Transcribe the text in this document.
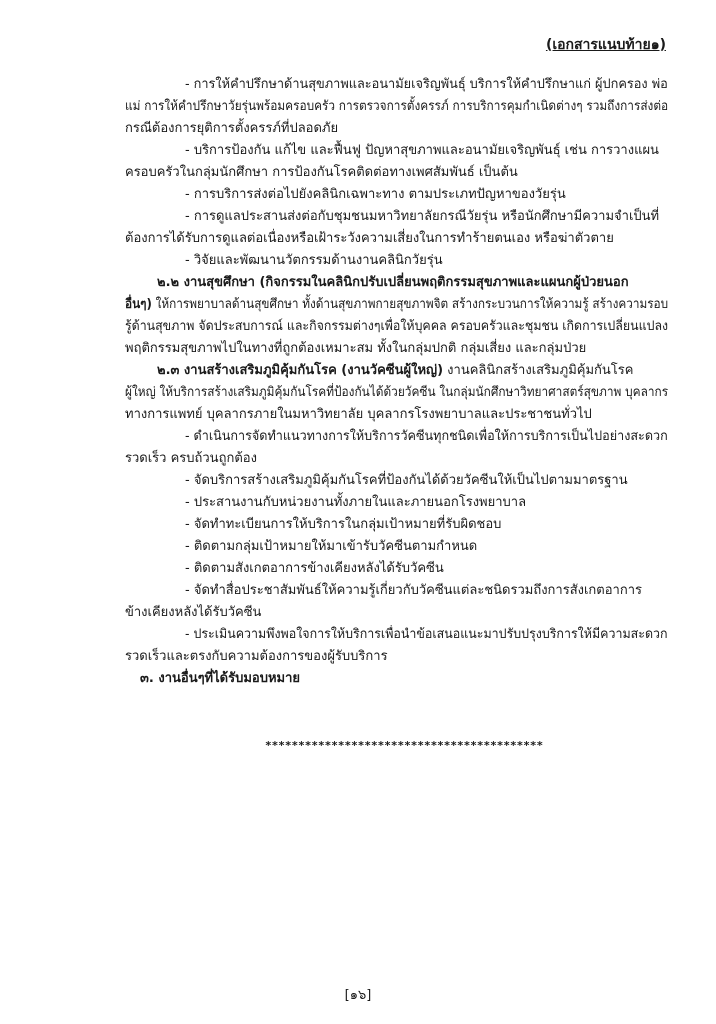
(เอกสารแนบท้าย๑)
- การให้คำปรึกษาด้านสุขภาพและอนามัยเจริญพันธุ์ บริการให้คำปรึกษาแก่ ผู้ปกครอง พ่อ
แม่ การให้คำปรึกษาวัยรุ่นพร้อมครอบครัว การตรวจการตั้งครรภ์ การบริการคุมกำเนิดต่างๆ รวมถึงการส่งต่อ
กรณีต้องการยุติการตั้งครรภ์ที่ปลอดภัย
- บริการป้องกัน แก้ไข และฟื้นฟู ปัญหาสุขภาพและอนามัยเจริญพันธุ์ เช่น การวางแผน
ครอบครัวในกลุ่มนักศึกษา การป้องกันโรคติดต่อทางเพศสัมพันธ์ เป็นต้น
- การบริการส่งต่อไปยังคลินิกเฉพาะทาง ตามประเภทปัญหาของวัยรุ่น
- การดูแลประสานส่งต่อกับชุมชนมหาวิทยาลัยกรณีวัยรุ่น หรือนักศึกษามีความจำเป็นที่
ต้องการได้รับการดูแลต่อเนื่องหรือเฝ้าระวังความเสี่ยงในการทำร้ายตนเอง หรือฆ่าตัวตาย
- วิจัยและพัฒนานวัตกรรมด้านงานคลินิกวัยรุ่น
๒.๒ งานสุขศึกษา (กิจกรรมในคลินิกปรับเปลี่ยนพฤติกรรมสุขภาพและแผนกผู้ป่วยนอก
อื่นๆ) ให้การพยาบาลด้านสุขศึกษา ทั้งด้านสุขภาพกายสุขภาพจิต สร้างกระบวนการให้ความรู้ สร้างความรอบ
รู้ด้านสุขภาพ จัดประสบการณ์ และกิจกรรมต่างๆเพื่อให้บุคคล ครอบครัวและชุมชน เกิดการเปลี่ยนแปลง
พฤติกรรมสุขภาพไปในทางที่ถูกต้องเหมาะสม ทั้งในกลุ่มปกติ กลุ่มเสี่ยง และกลุ่มป่วย
๒.๓ งานสร้างเสริมภูมิคุ้มกันโรค (งานวัคซีนผู้ใหญ่) งานคลินิกสร้างเสริมภูมิคุ้มกันโรค
ผู้ใหญ่ ให้บริการสร้างเสริมภูมิคุ้มกันโรคที่ป้องกันได้ด้วยวัคซีน ในกลุ่มนักศึกษาวิทยาศาสตร์สุขภาพ บุคลากร
ทางการแพทย์ บุคลากรภายในมหาวิทยาลัย บุคลากรโรงพยาบาลและประชาชนทั่วไป
- ดำเนินการจัดทำแนวทางการให้บริการวัคซีนทุกชนิดเพื่อให้การบริการเป็นไปอย่างสะดวก
รวดเร็ว ครบถ้วนถูกต้อง
- จัดบริการสร้างเสริมภูมิคุ้มกันโรคที่ป้องกันได้ด้วยวัคซีนให้เป็นไปตามมาตรฐาน
- ประสานงานกับหน่วยงานทั้งภายในและภายนอกโรงพยาบาล
- จัดทำทะเบียนการให้บริการในกลุ่มเป้าหมายที่รับผิดชอบ
- ติดตามกลุ่มเป้าหมายให้มาเข้ารับวัคซีนตามกำหนด
- ติดตามสังเกตอาการข้างเคียงหลังได้รับวัคซีน
- จัดทำสื่อประชาสัมพันธ์ให้ความรู้เกี่ยวกับวัคซีนแต่ละชนิดรวมถึงการสังเกตอาการ
ข้างเคียงหลังได้รับวัคซีน
- ประเมินความพึงพอใจการให้บริการเพื่อนำข้อเสนอแนะมาปรับปรุงบริการให้มีความสะดวก
รวดเร็วและตรงกับความต้องการของผู้รับบริการ
๓. งานอื่นๆที่ได้รับมอบหมาย
******************************************
[๑๖]
